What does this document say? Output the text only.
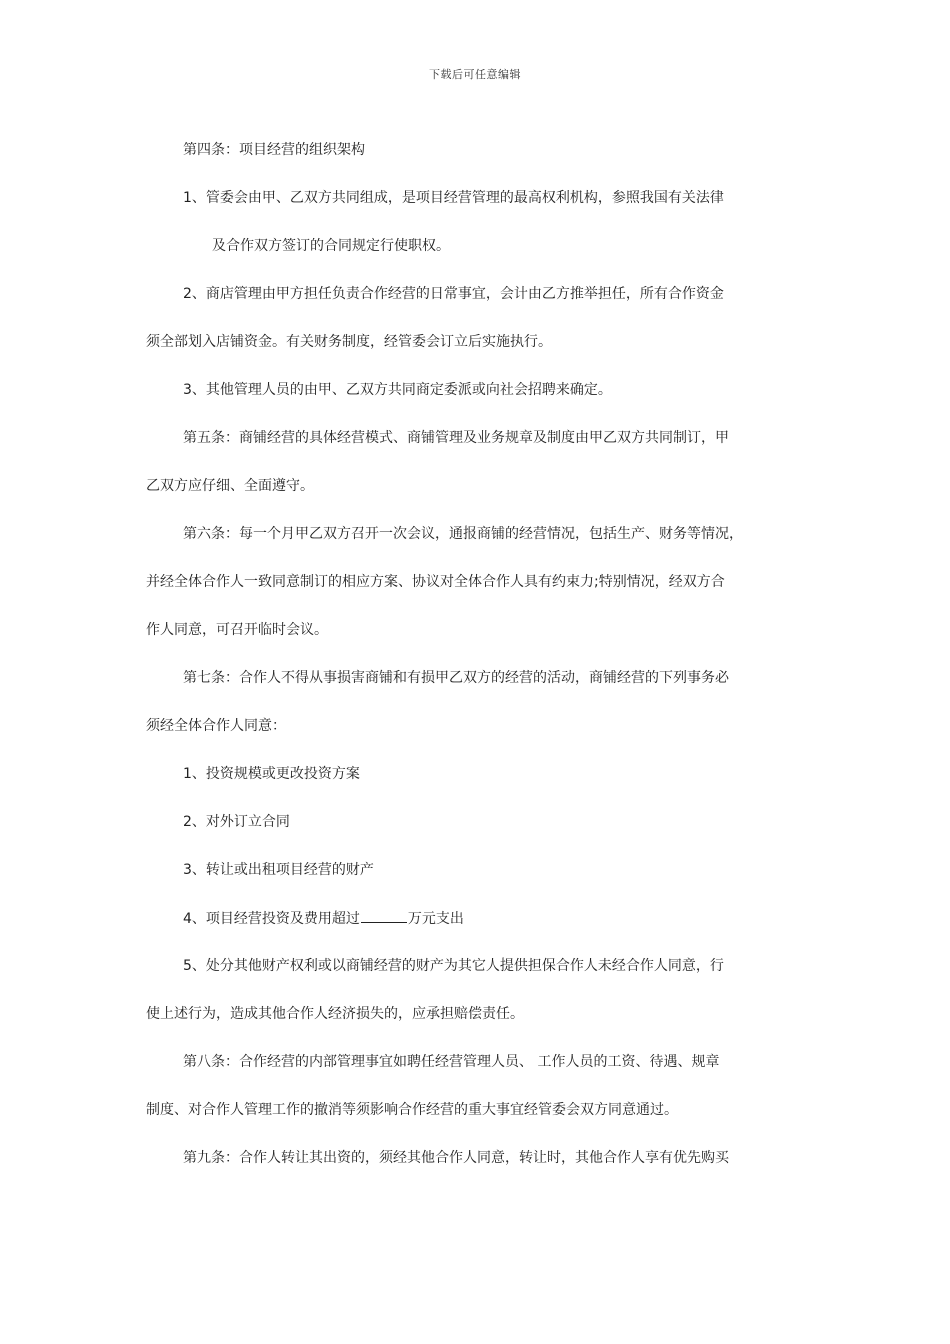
下载后可任意编辑
第四条：项目经营的组织架构
1、管委会由甲、乙双方共同组成，是项目经营管理的最高权利机构，参照我国有关法律
及合作双方签订的合同规定行使职权。
2、商店管理由甲方担任负责合作经营的日常事宜，会计由乙方推举担任，所有合作资金
须全部划入店铺资金。有关财务制度，经管委会订立后实施执行。
3、其他管理人员的由甲、乙双方共同商定委派或向社会招聘来确定。
第五条：商铺经营的具体经营模式、商铺管理及业务规章及制度由甲乙双方共同制订，甲
乙双方应仔细、全面遵守。
第六条：每一个月甲乙双方召开一次会议，通报商铺的经营情况，包括生产、财务等情况，
并经全体合作人一致同意制订的相应方案、协议对全体合作人具有约束力;特别情况，经双方合
作人同意，可召开临时会议。
第七条：合作人不得从事损害商铺和有损甲乙双方的经营的活动，商铺经营的下列事务必
须经全体合作人同意：
1、投资规模或更改投资方案
2、对外订立合同
3、转让或出租项目经营的财产
4、项目经营投资及费用超过	万元支出
5、处分其他财产权利或以商铺经营的财产为其它人提供担保合作人未经合作人同意，行
使上述行为，造成其他合作人经济损失的，应承担赔偿责任。
第八条：合作经营的内部管理事宜如聘任经营管理人员、 工作人员的工资、待遇、规章
制度、对合作人管理工作的撤消等须影响合作经营的重大事宜经管委会双方同意通过。
第九条：合作人转让其出资的，须经其他合作人同意，转让时，其他合作人享有优先购买
